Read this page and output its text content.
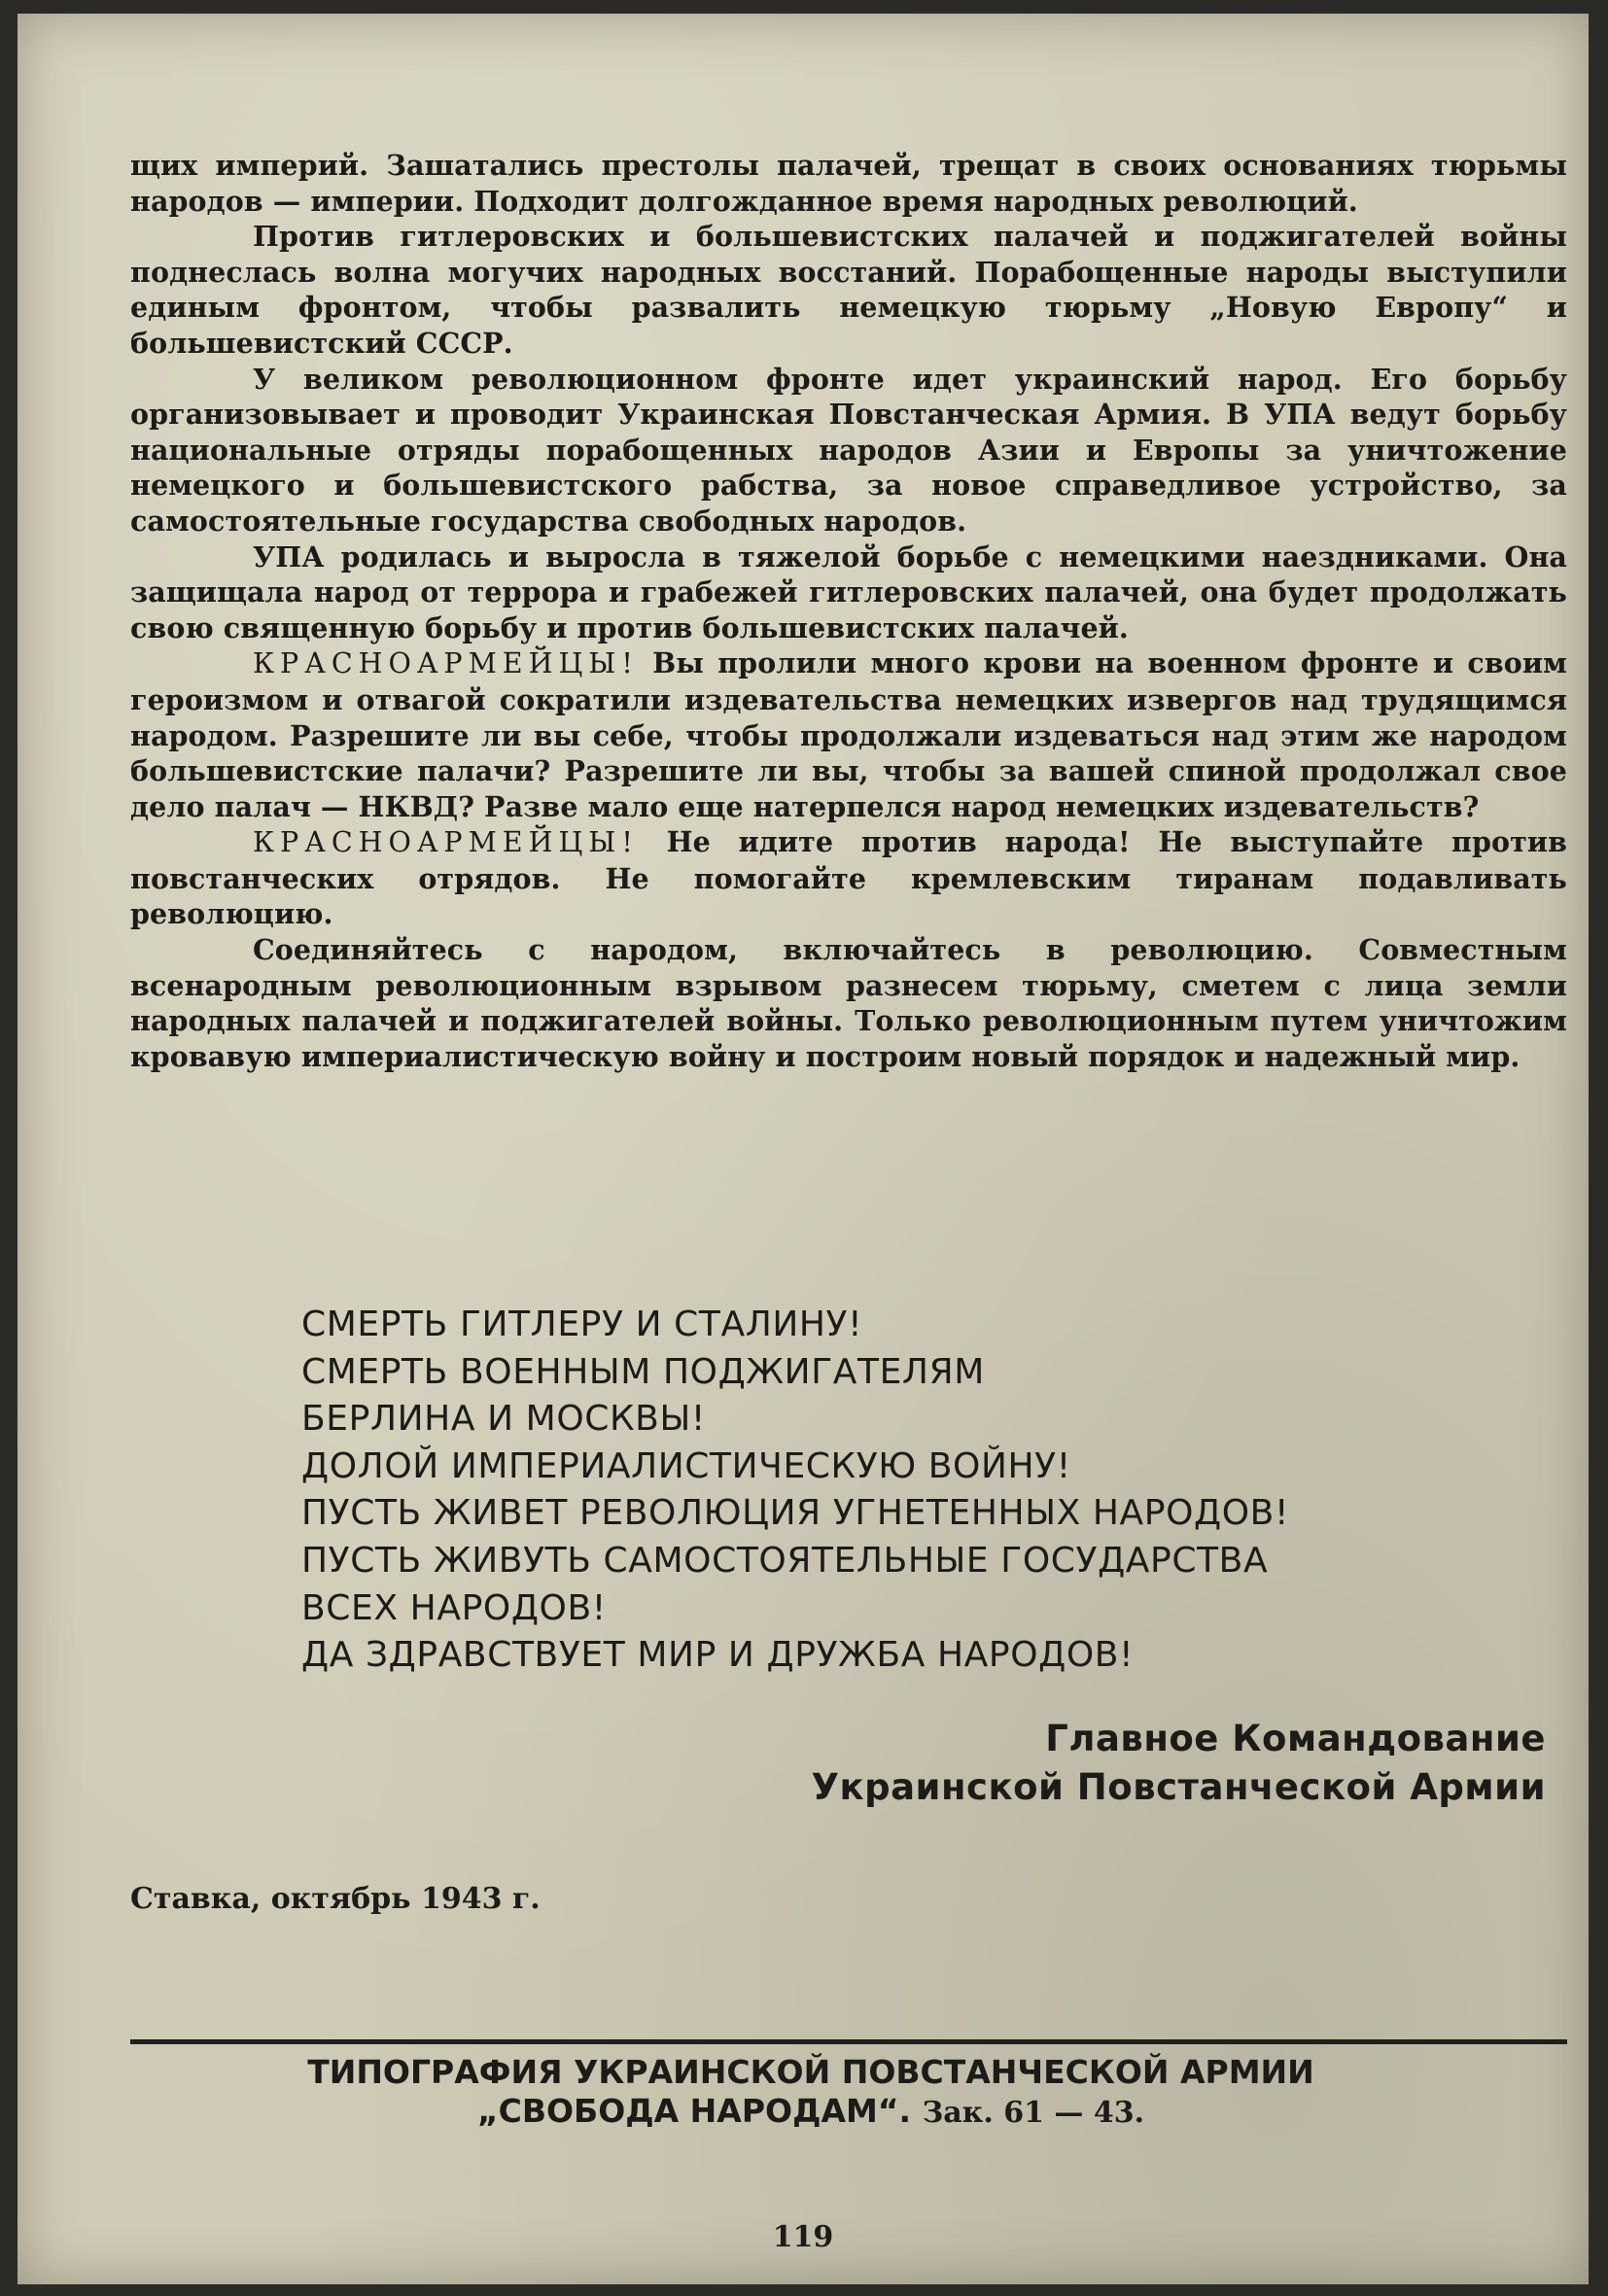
щих империй. Зашатались престолы палачей, трещат в своих основаниях тюрьмы народов — империи. Подходит долгожданное время народных революций.

Против гитлеровских и большевистских палачей и поджигателей войны поднеслась волна могучих народных восстаний. Порабощенные народы выступили единым фронтом, чтобы развалить немецкую тюрьму „Новую Европу“ и большевистский СССР.

У великом революционном фронте идет украинский народ. Его борьбу организовывает и проводит Украинская Повстанческая Армия. В УПА ведут борьбу национальные отряды порабощенных народов Азии и Европы за уничтожение немецкого и большевистского рабства, за новое справедливое устройство, за самостоятельные государства свободных народов.

УПА родилась и выросла в тяжелой борьбе с немецкими наездниками. Она защищала народ от террора и грабежей гитлеровских палачей, она будет продолжать свою священную борьбу и против большевистских палачей.

КРАСНОАРМЕЙЦЫ! Вы пролили много крови на военном фронте и своим героизмом и отвагой сократили издевательства немецких извергов над трудящимся народом. Разрешите ли вы себе, чтобы продолжали издеваться над этим же народом большевистские палачи? Разрешите ли вы, чтобы за вашей спиной продолжал свое дело палач — НКВД? Разве мало еще натерпелся народ немецких издевательств?

КРАСНОАРМЕЙЦЫ! Не идите против народа! Не выступайте против повстанческих отрядов. Не помогайте кремлевским тиранам подавливать революцию.

Соединяйтесь с народом, включайтесь в революцию. Совместным всенародным революционным взрывом разнесем тюрьму, сметем с лица земли народных палачей и поджигателей войны. Только революционным путем уничтожим кровавую империалистическую войну и построим новый порядок и надежный мир.

СМЕРТЬ ГИТЛЕРУ И СТАЛИНУ!
СМЕРТЬ ВОЕННЫМ ПОДЖИГАТЕЛЯМ
БЕРЛИНА И МОСКВЫ!
ДОЛОЙ ИМПЕРИАЛИСТИЧЕСКУЮ ВОЙНУ!
ПУСТЬ ЖИВЕТ РЕВОЛЮЦИЯ УГНЕТЕННЫХ НАРОДОВ!
ПУСТЬ ЖИВУТЬ САМОСТОЯТЕЛЬНЫЕ ГОСУДАРСТВА
ВСЕХ НАРОДОВ!
ДА ЗДРАВСТВУЕТ МИР И ДРУЖБА НАРОДОВ!
Главное Командование
Украинской Повстанческой Армии
Ставка, октябрь 1943 г.
ТИПОГРАФИЯ УКРАИНСКОЙ ПОВСТАНЧЕСКОЙ АРМИИ
„СВОБОДА НАРОДАМ“. Зак. 61 — 43.
119
